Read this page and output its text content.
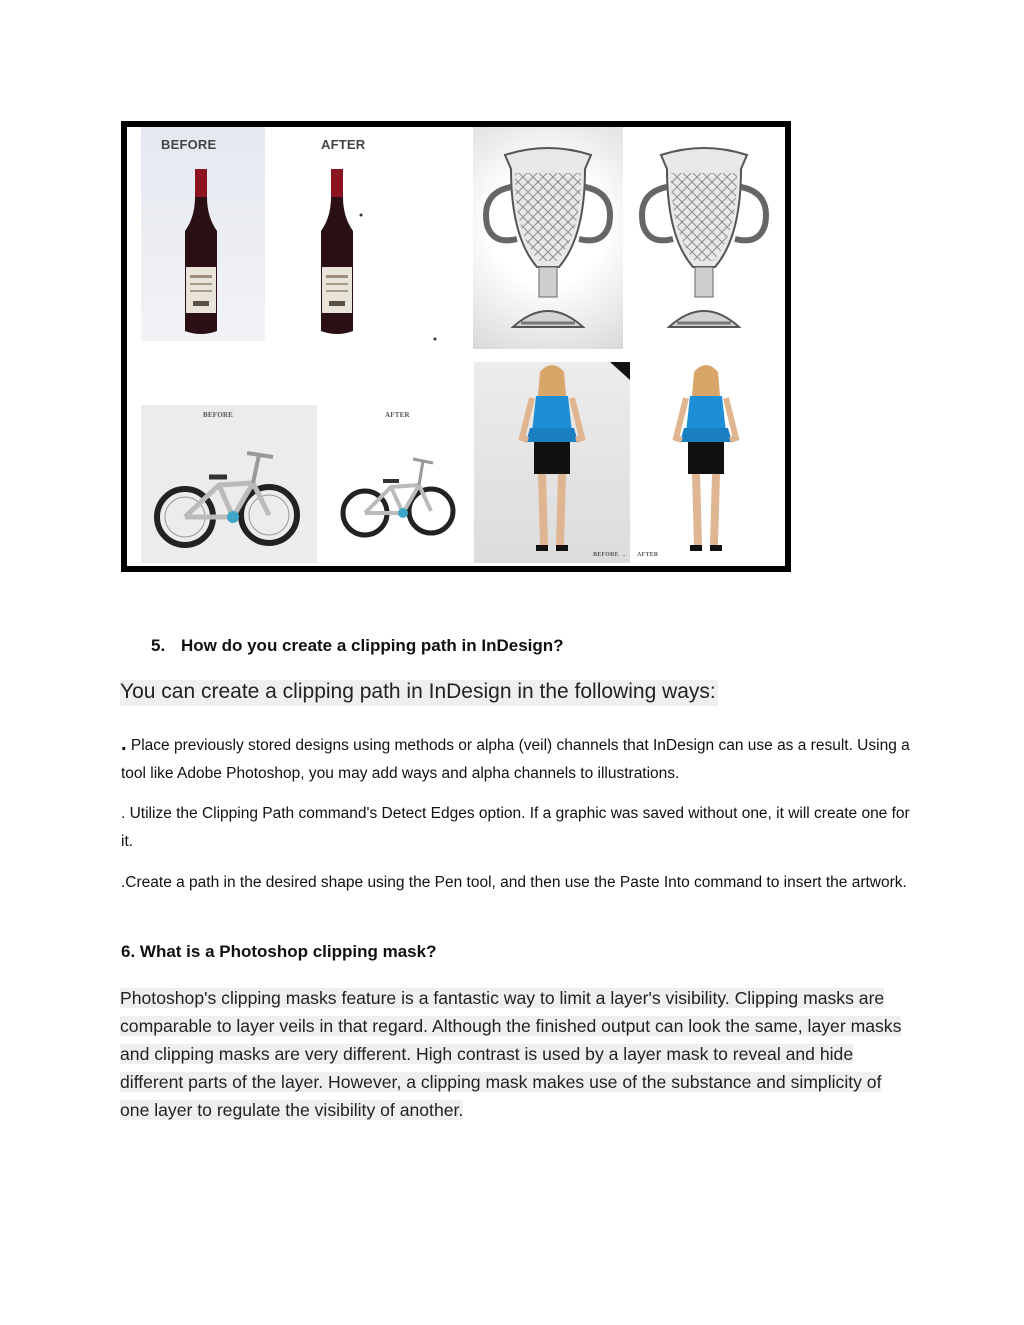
BEFORE	AFTER
BEFORE	AFTER
BEFORE - AFTER
5. How do you create a clipping path in InDesign?
You can create a clipping path in InDesign in the following ways:
. Place previously stored designs using methods or alpha (veil) channels that InDesign can use as a result. Using a tool like Adobe Photoshop, you may add ways and alpha channels to illustrations.
. Utilize the Clipping Path command's Detect Edges option. If a graphic was saved without one, it will create one for it.
.Create a path in the desired shape using the Pen tool, and then use the Paste Into command to insert the artwork.
6. What is a Photoshop clipping mask?
Photoshop's clipping masks feature is a fantastic way to limit a layer's visibility. Clipping masks are comparable to layer veils in that regard. Although the finished output can look the same, layer masks and clipping masks are very different. High contrast is used by a layer mask to reveal and hide different parts of the layer. However, a clipping mask makes use of the substance and simplicity of one layer to regulate the visibility of another.
